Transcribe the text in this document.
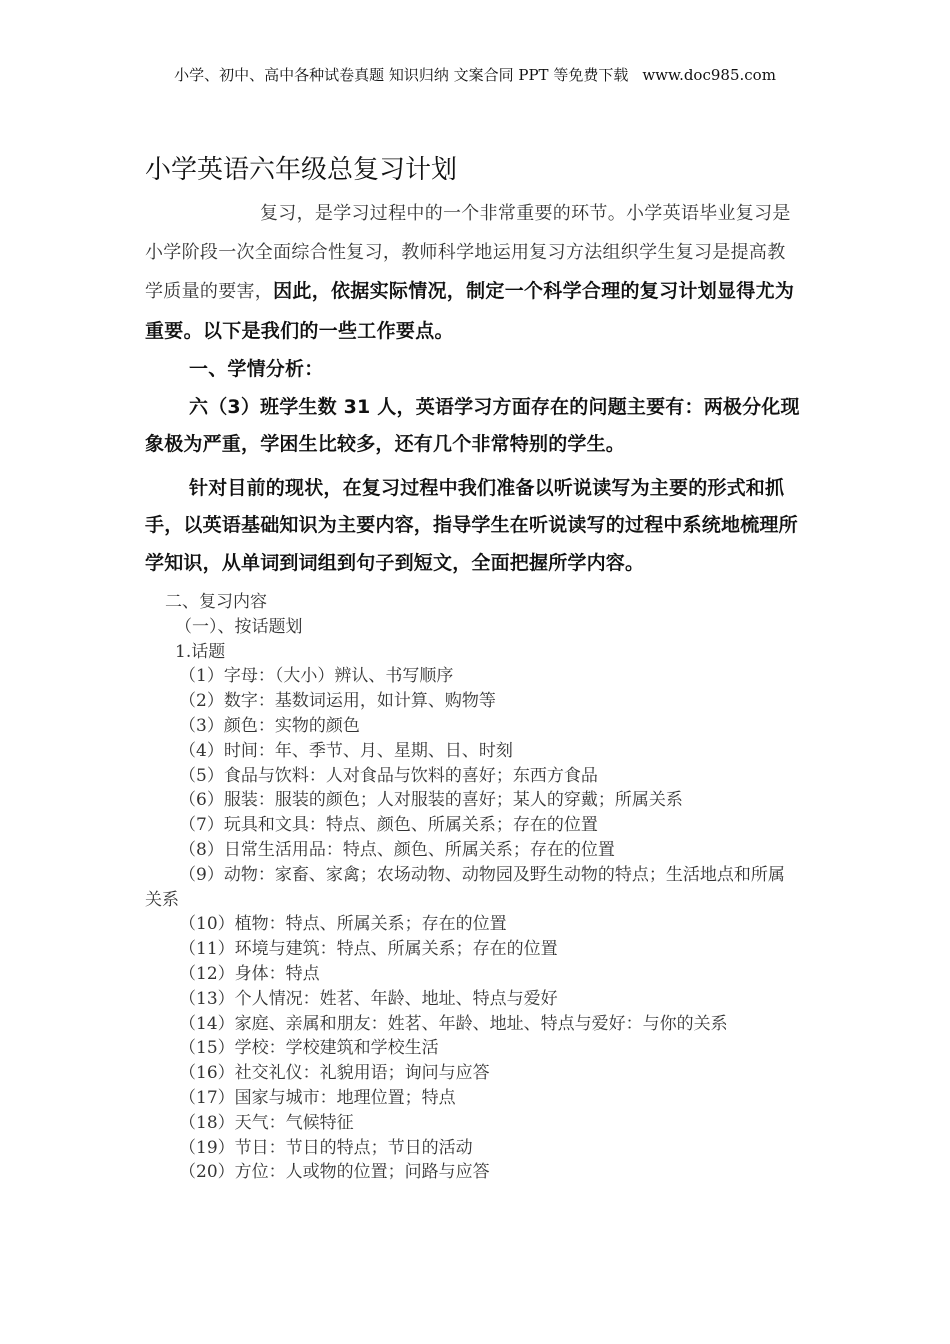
小学、初中、高中各种试卷真题 知识归纳 文案合同 PPT 等免费下载 www.doc985.com
小学英语六年级总复习计划
复习，是学习过程中的一个非常重要的环节。小学英语毕业复习是小学阶段一次全面综合性复习，教师科学地运用复习方法组织学生复习是提高教学质量的要害，因此，依据实际情况，制定一个科学合理的复习计划显得尤为重要。以下是我们的一些工作要点。
一、学情分析：
六（3）班学生数 31 人，英语学习方面存在的问题主要有：两极分化现象极为严重，学困生比较多，还有几个非常特别的学生。
针对目前的现状，在复习过程中我们准备以听说读写为主要的形式和抓手，以英语基础知识为主要内容，指导学生在听说读写的过程中系统地梳理所学知识，从单词到词组到句子到短文，全面把握所学内容。
二、复习内容
（一）、按话题划
1.话题
（1）字母：（大小）辨认、书写顺序
（2）数字：基数词运用，如计算、购物等
（3）颜色：实物的颜色
（4）时间：年、季节、月、星期、日、时刻
（5）食品与饮料：人对食品与饮料的喜好；东西方食品
（6）服装：服装的颜色；人对服装的喜好；某人的穿戴；所属关系
（7）玩具和文具：特点、颜色、所属关系；存在的位置
（8）日常生活用品：特点、颜色、所属关系；存在的位置
（9）动物：家畜、家禽；农场动物、动物园及野生动物的特点；生活地点和所属关系
（10）植物：特点、所属关系；存在的位置
（11）环境与建筑：特点、所属关系；存在的位置
（12）身体：特点
（13）个人情况：姓茗、年龄、地址、特点与爱好
（14）家庭、亲属和朋友：姓茗、年龄、地址、特点与爱好：与你的关系
（15）学校：学校建筑和学校生活
（16）社交礼仪：礼貌用语；询问与应答
（17）国家与城市：地理位置；特点
（18）天气：气候特征
（19）节日：节日的特点；节日的活动
（20）方位：人或物的位置；问路与应答
